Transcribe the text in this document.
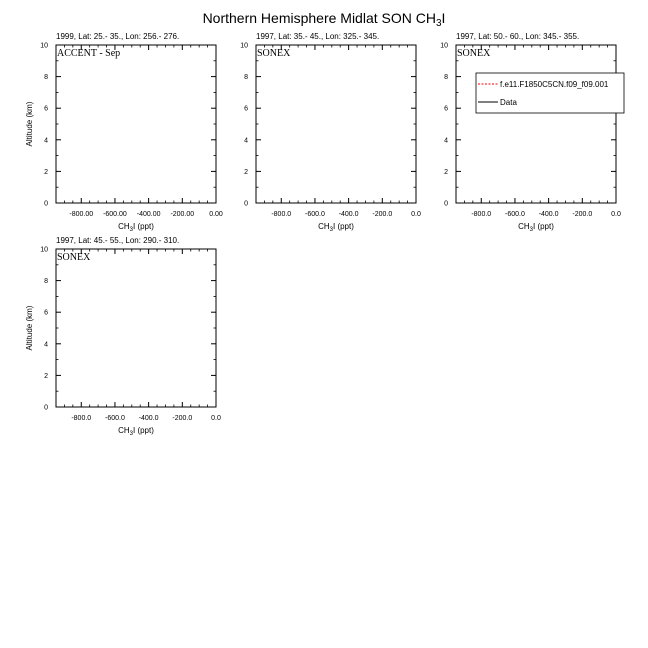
Northern Hemisphere Midlat SON $CH_3I$
1999, Lat: 25.- 35., Lon: 256.- 276.
ACCENT - Sep
-800.00 -600.00 -400.00 -200.00 0.00
0
2
4
6
8
10
$CH_3I$ (ppt)
Altitude (km)
1997, Lat: 35.- 45., Lon: 325.- 345.
SONEX
-800.0 -600.0 -400.0 -200.0	0.0
0
2
4
6
8
10
$CH_3I$ (ppt)
1997, Lat: 50.- 60., Lon: 345.- 355.
SONEX
-800.0 -600.0 -400.0 -200.0	0.0
0
2
4
6
8
10
$CH_3I$ (ppt)
f.e11.F1850C5CN.f09_f09.001
Data
1997, Lat: 45.- 55., Lon: 290.- 310.
SONEX
-800.0 -600.0 -400.0 -200.0	0.0
0
2
4
6
8
10
$CH_3I$ (ppt)
Altitude (km)
